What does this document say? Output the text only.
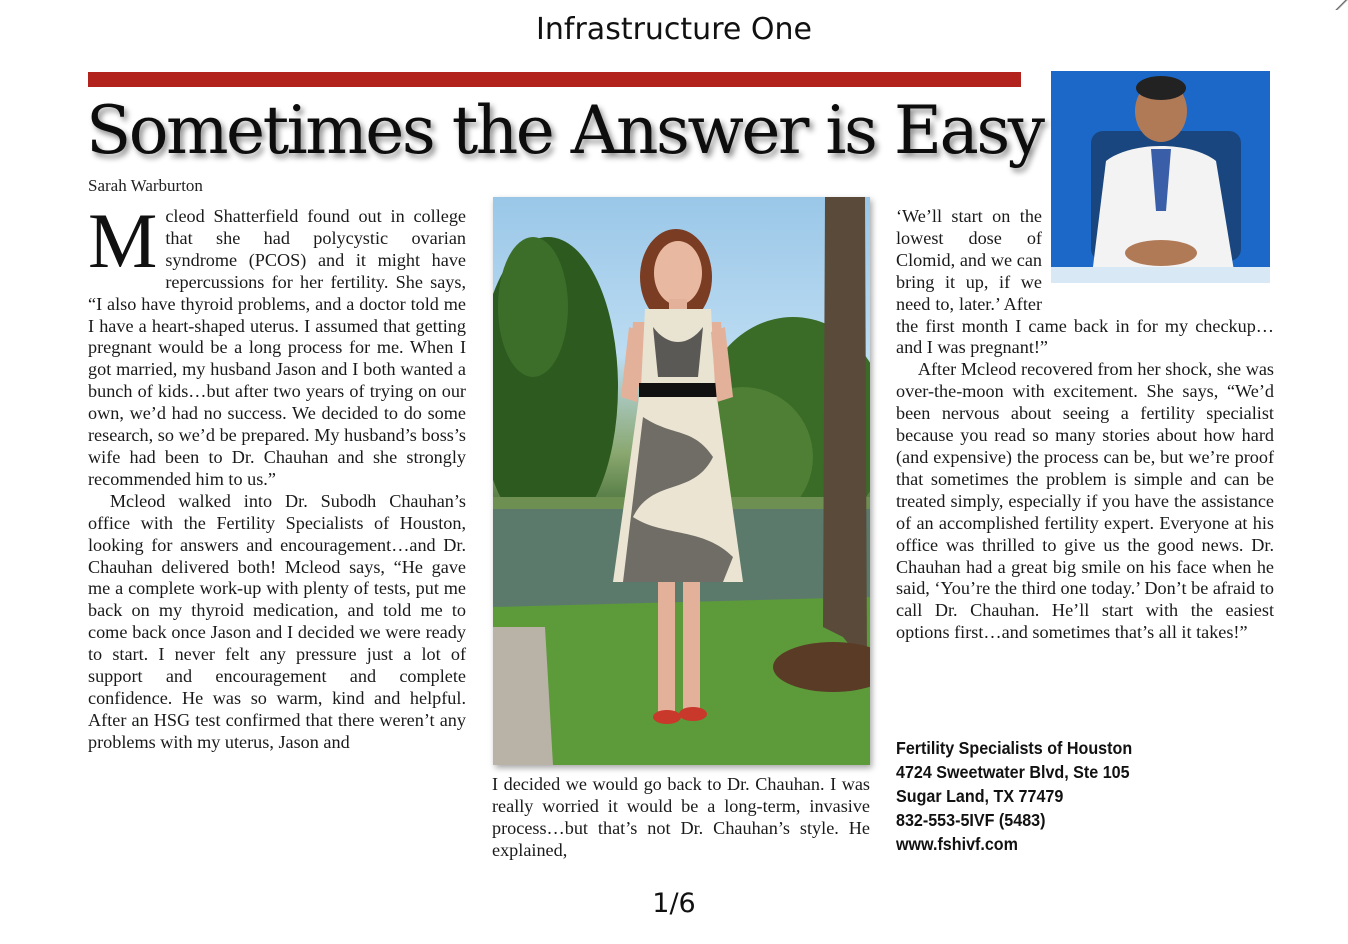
Infrastructure One
Sometimes the Answer is Easy
Sarah Warburton

Mcleod Shatterfield found out in college that she had polycystic ovarian syndrome (PCOS) and it might have repercussions for her fertility. She says, “I also have thyroid problems, and a doctor told me I have a heart-shaped uterus. I assumed that getting pregnant would be a long process for me. When I got married, my husband Jason and I both wanted a bunch of kids…but after two years of trying on our own, we’d had no success. We decided to do some research, so we’d be prepared. My husband’s boss’s wife had been to Dr. Chauhan and she strongly recommended him to us.”

Mcleod walked into Dr. Subodh Chauhan’s office with the Fertility Specialists of Houston, looking for answers and encouragement…and Dr. Chauhan delivered both! Mcleod says, “He gave me a complete work-up with plenty of tests, put me back on my thyroid medication, and told me to come back once Jason and I decided we were ready to start. I never felt any pressure just a lot of support and encouragement and complete confidence. He was so warm, kind and helpful. After an HSG test confirmed that there weren’t any problems with my uterus, Jason and

I decided we would go back to Dr. Chauhan. I was really worried it would be a long-term, invasive process…but that’s not Dr. Chauhan’s style. He explained,

‘We’ll start on the lowest dose of Clomid, and we can bring it up, if we need to, later.’ After the first month I came back in for my checkup…and I was pregnant!”

After Mcleod recovered from her shock, she was over-the-moon with excitement. She says, “We’d been nervous about seeing a fertility specialist because you read so many stories about how hard (and expensive) the process can be, but we’re proof that sometimes the problem is simple and can be treated simply, especially if you have the assistance of an accomplished fertility expert. Everyone at his office was thrilled to give us the good news. Dr. Chauhan had a great big smile on his face when he said, ‘You’re the third one today.’ Don’t be afraid to call Dr. Chauhan. He’ll start with the easiest options first…and sometimes that’s all it takes!”

Fertility Specialists of Houston
4724 Sweetwater Blvd, Ste 105
Sugar Land, TX 77479
832-553-5IVF (5483)
www.fshivf.com
1/6
